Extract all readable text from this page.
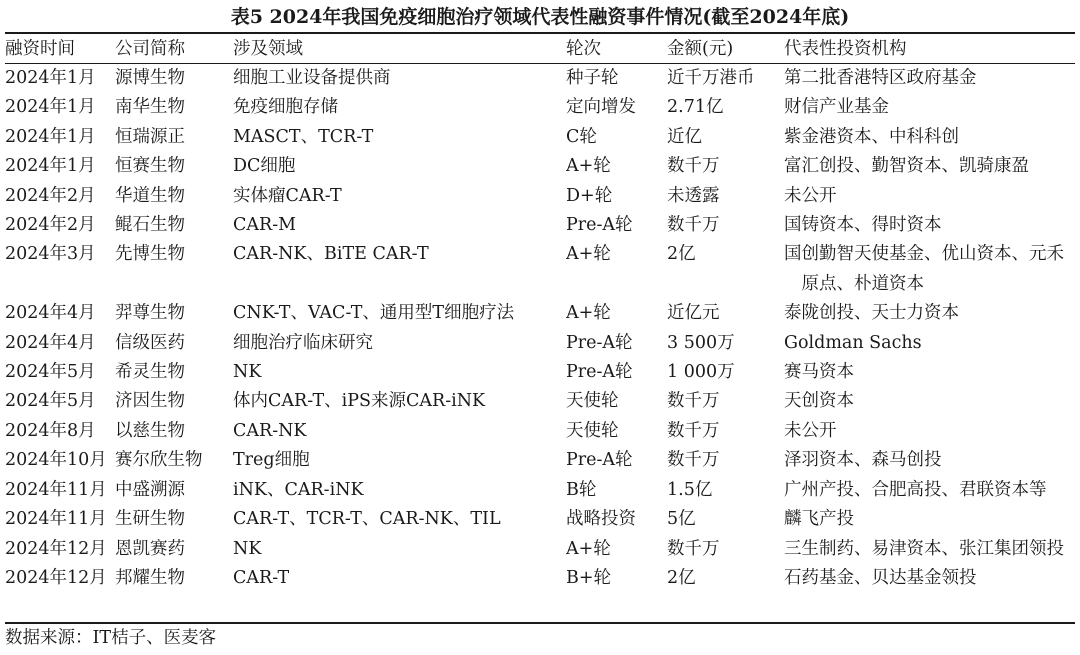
表5 2024年我国免疫细胞治疗领域代表性融资事件情况(截至2024年底)
融资时间	公司简称	涉及领域	轮次	金额(元)	代表性投资机构
2024年1月	源博生物	细胞工业设备提供商	种子轮	近千万港币	第二批香港特区政府基金
2024年1月	南华生物	免疫细胞存储	定向增发	2.71亿	财信产业基金
2024年1月	恒瑞源正	MASCT、TCR-T	C轮	近亿	紫金港资本、中科科创
2024年1月	恒赛生物	DC细胞	A+轮	数千万	富汇创投、勤智资本、凯骑康盈
2024年2月	华道生物	实体瘤CAR-T	D+轮	未透露	未公开
2024年2月	鲲石生物	CAR-M	Pre-A轮	数千万	国铸资本、得时资本
2024年3月	先博生物	CAR-NK、BiTE CAR-T	A+轮	2亿	国创勤智天使基金、优山资本、元禾原点、朴道资本
2024年4月	羿尊生物	CNK-T、VAC-T、通用型T细胞疗法	A+轮	近亿元	泰陇创投、天士力资本
2024年4月	信级医药	细胞治疗临床研究	Pre-A轮	3 500万	Goldman Sachs
2024年5月	希灵生物	NK	Pre-A轮	1 000万	赛马资本
2024年5月	济因生物	体内CAR-T、iPS来源CAR-iNK	天使轮	数千万	天创资本
2024年8月	以慈生物	CAR-NK	天使轮	数千万	未公开
2024年10月	赛尔欣生物	Treg细胞	Pre-A轮	数千万	泽羽资本、森马创投
2024年11月	中盛溯源	iNK、CAR-iNK	B轮	1.5亿	广州产投、合肥高投、君联资本等
2024年11月	生研生物	CAR-T、TCR-T、CAR-NK、TIL	战略投资	5亿	麟飞产投
2024年12月	恩凯赛药	NK	A+轮	数千万	三生制药、易津资本、张江集团领投
2024年12月	邦耀生物	CAR-T	B+轮	2亿	石药基金、贝达基金领投
数据来源：IT桔子、医麦客
